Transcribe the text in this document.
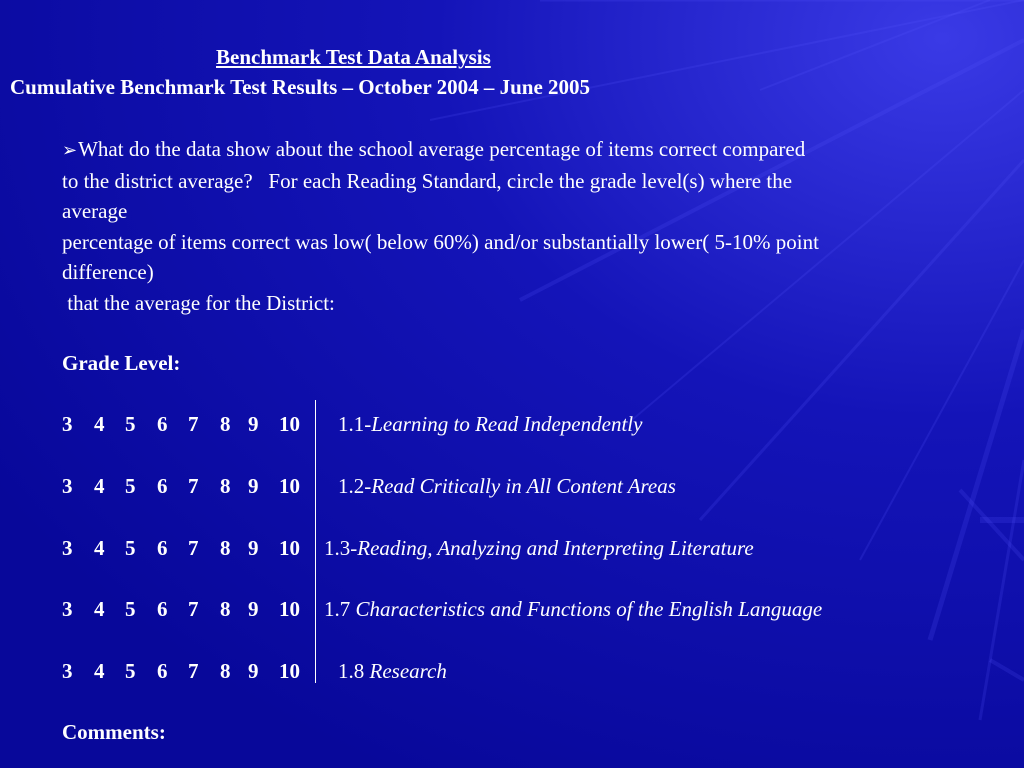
Benchmark Test Data Analysis
Cumulative Benchmark Test Results – October 2004 – June 2005
➢What do the data show about the school average percentage of items correct compared
to the district average?   For each Reading Standard, circle the grade level(s) where the
average
percentage of items correct was low( below 60%) and/or substantially lower( 5-10% point
difference)
that the average for the District:
Grade Level:
3 4 5 6 7 8 9 10 1.1-Learning to Read Independently
3 4 5 6 7 8 9 10 1.2-Read Critically in All Content Areas
3 4 5 6 7 8 9 10 1.3-Reading, Analyzing and Interpreting Literature
3 4 5 6 7 8 9 10 1.7 Characteristics and Functions of the English Language
3 4 5 6 7 8 9 10 1.8 Research
Comments:
